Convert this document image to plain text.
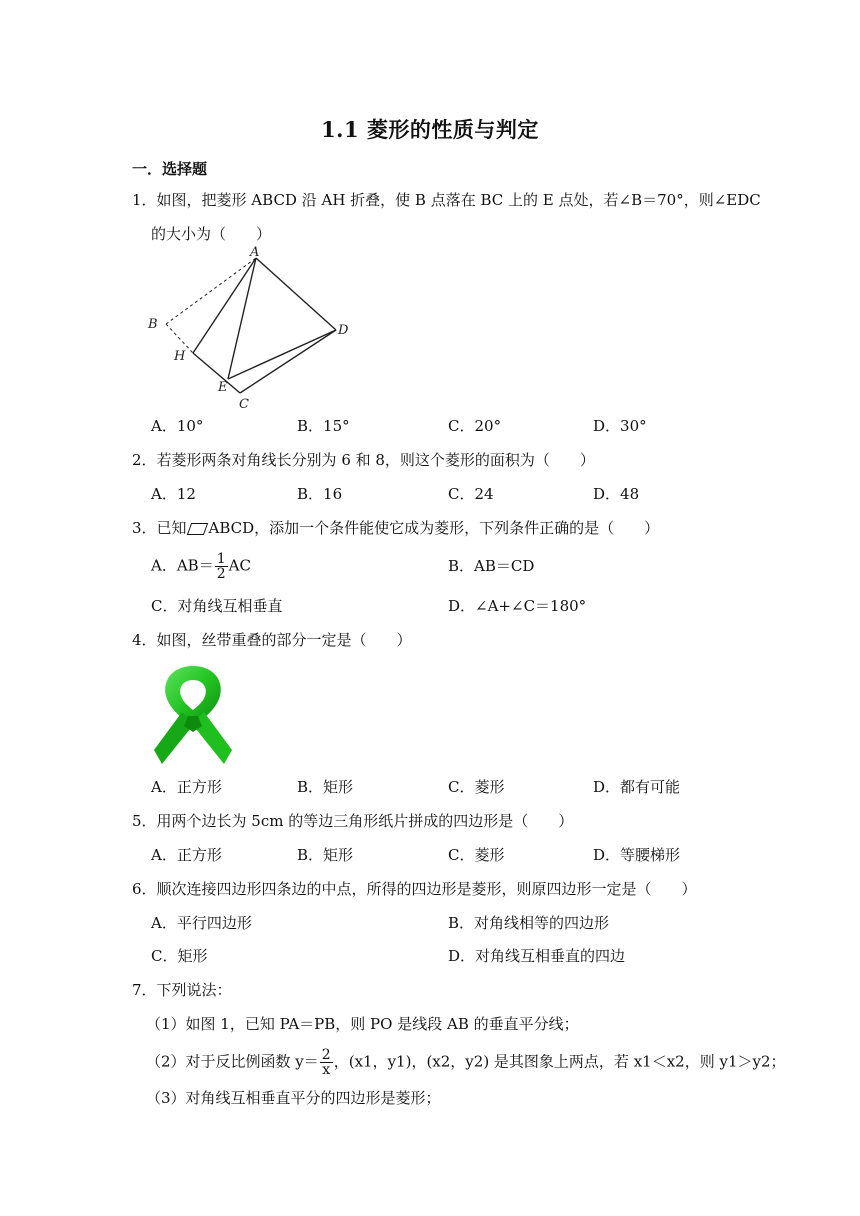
1.1 菱形的性质与判定
一．选择题
1．如图，把菱形 ABCD 沿 AH 折叠，使 B 点落在 BC 上的 E 点处，若∠B＝70°，则∠EDC
的大小为（　　）
A
B
H
E
C
D
A．10°	B．15°	C．20°	D．30°
2．若菱形两条对角线长分别为 6 和 8，则这个菱形的面积为（　　）
A．12	B．16	C．24	D．48
3．已知 ABCD，添加一个条件能使它成为菱形，下列条件正确的是（　　）
A．$AB= \frac{1}{2}$ AC	B．AB＝CD
C．对角线互相垂直	D．∠A+∠C＝180°
4．如图，丝带重叠的部分一定是（　　）
A．正方形	B．矩形	C．菱形	D．都有可能
5．用两个边长为 5cm 的等边三角形纸片拼成的四边形是（　　）
A．正方形	B．矩形	C．菱形	D．等腰梯形
6．顺次连接四边形四条边的中点，所得的四边形是菱形，则原四边形一定是（　　）
A．平行四边形	B．对角线相等的四边形
C．矩形	D．对角线互相垂直的四边
7．下列说法：
（1）如图 1，已知 PA＝PB，则 PO 是线段 AB 的垂直平分线；
（2）对于反比例函数 $y= \frac{2}{x}$ ，(x1，y1)，(x2，y2) 是其图象上两点，若 x1＜x2，则 y1＞y2；
（3）对角线互相垂直平分的四边形是菱形；
